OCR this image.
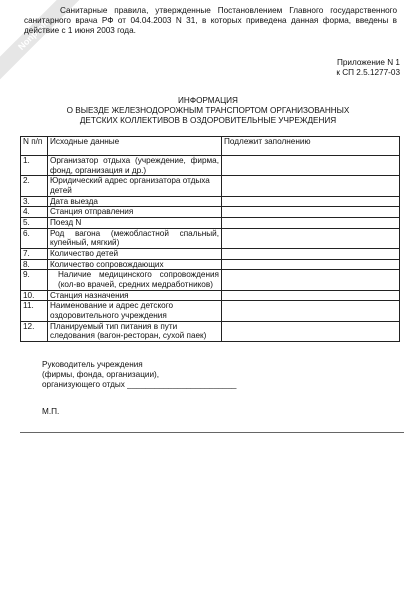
Nonprofit
Санитарные правила, утвержденные Постановлением Главного государственного санитарного врача РФ от 04.04.2003 N 31, в которых приведена данная форма, введены в действие с 1 июня 2003 года.
Приложение N 1
к СП 2.5.1277-03
ИНФОРМАЦИЯ
О ВЫЕЗДЕ ЖЕЛЕЗНОДОРОЖНЫМ ТРАНСПОРТОМ ОРГАНИЗОВАННЫХ
ДЕТСКИХ КОЛЛЕКТИВОВ В ОЗДОРОВИТЕЛЬНЫЕ УЧРЕЖДЕНИЯ
N п/п	Исходные данные	Подлежит заполнению
1.	Организатор отдыха (учреждение, фирма, фонд, организация и др.)	
2.	Юридический адрес организатора отдыха детей	
3.	Дата выезда	
4.	Станция отправления	
5.	Поезд N	
6.	Род вагона (межобластной спальный, купейный, мягкий)	
7.	Количество детей	
8.	Количество сопровождающих	
9.	Наличие медицинского сопровождения (кол-во врачей, средних медработников)	
10.	Станция назначения	
11.	Наименование и адрес детского оздоровительного учреждения	
12.	Планируемый тип питания в пути следования (вагон-ресторан, сухой паек)	
Руководитель учреждения
(фирмы, фонда, организации),
организующего отдых ________________________
М.П.
